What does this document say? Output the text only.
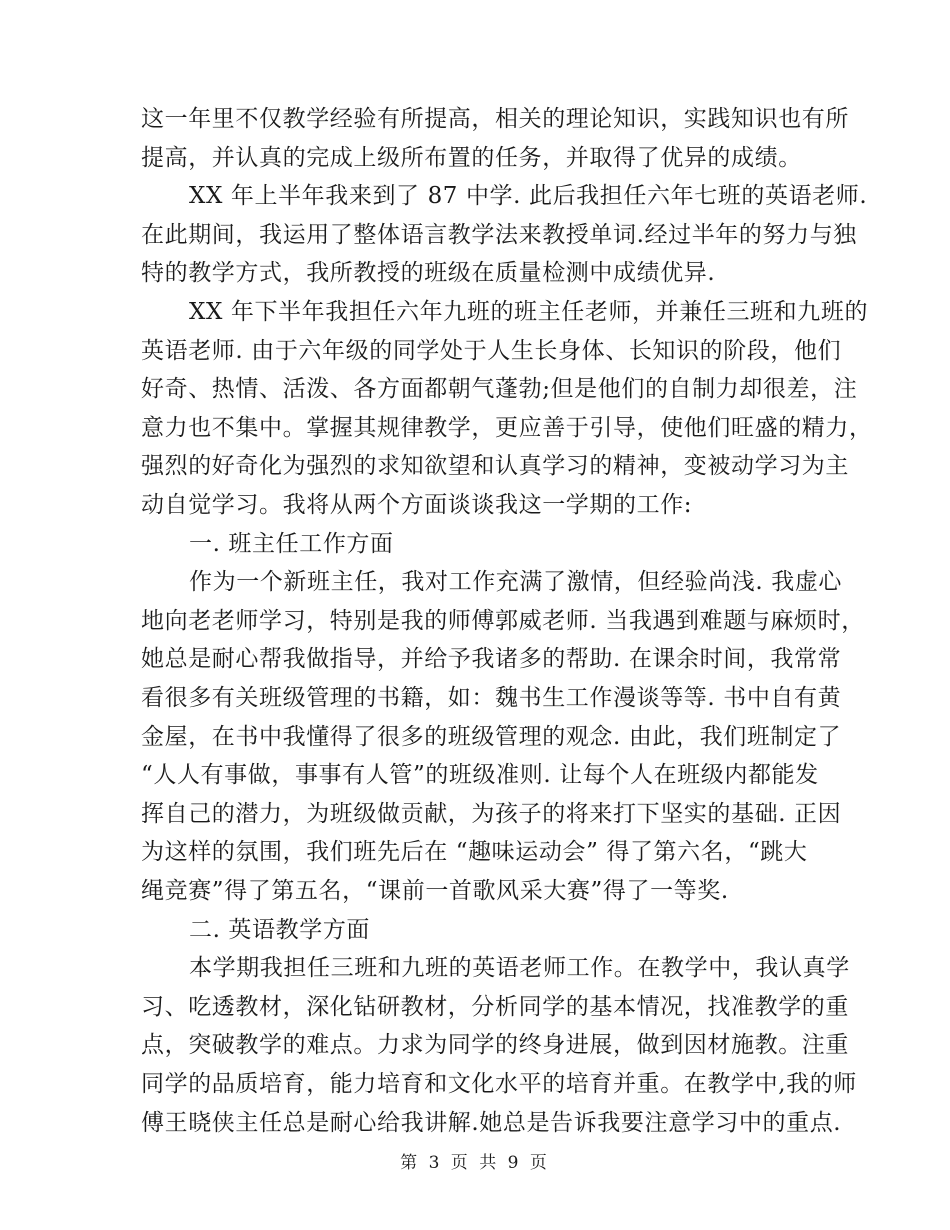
这一年里不仅教学经验有所提高，相关的理论知识，实践知识也有所
提高，并认真的完成上级所布置的任务，并取得了优异的成绩。
XX 年上半年我来到了 87 中学. 此后我担任六年七班的英语老师.
在此期间，我运用了整体语言教学法来教授单词.经过半年的努力与独
特的教学方式，我所教授的班级在质量检测中成绩优异.
XX 年下半年我担任六年九班的班主任老师，并兼任三班和九班的
英语老师. 由于六年级的同学处于人生长身体、长知识的阶段，他们
好奇、热情、活泼、各方面都朝气蓬勃;但是他们的自制力却很差，注
意力也不集中。掌握其规律教学，更应善于引导，使他们旺盛的精力，
强烈的好奇化为强烈的求知欲望和认真学习的精神，变被动学习为主
动自觉学习。我将从两个方面谈谈我这一学期的工作:
一. 班主任工作方面
作为一个新班主任，我对工作充满了激情，但经验尚浅. 我虚心
地向老老师学习，特别是我的师傅郭威老师. 当我遇到难题与麻烦时，
她总是耐心帮我做指导，并给予我诸多的帮助. 在课余时间，我常常
看很多有关班级管理的书籍，如：魏书生工作漫谈等等. 书中自有黄
金屋，在书中我懂得了很多的班级管理的观念. 由此，我们班制定了
“人人有事做，事事有人管”的班级准则. 让每个人在班级内都能发
挥自己的潜力，为班级做贡献，为孩子的将来打下坚实的基础. 正因
为这样的氛围，我们班先后在 “趣味运动会” 得了第六名，“跳大
绳竞赛”得了第五名，“课前一首歌风采大赛”得了一等奖.
二. 英语教学方面
本学期我担任三班和九班的英语老师工作。在教学中，我认真学
习、吃透教材，深化钻研教材，分析同学的基本情况，找准教学的重
点，突破教学的难点。力求为同学的终身进展，做到因材施教。注重
同学的品质培育，能力培育和文化水平的培育并重。在教学中,我的师
傅王晓侠主任总是耐心给我讲解.她总是告诉我要注意学习中的重点.
第 3 页 共 9 页
